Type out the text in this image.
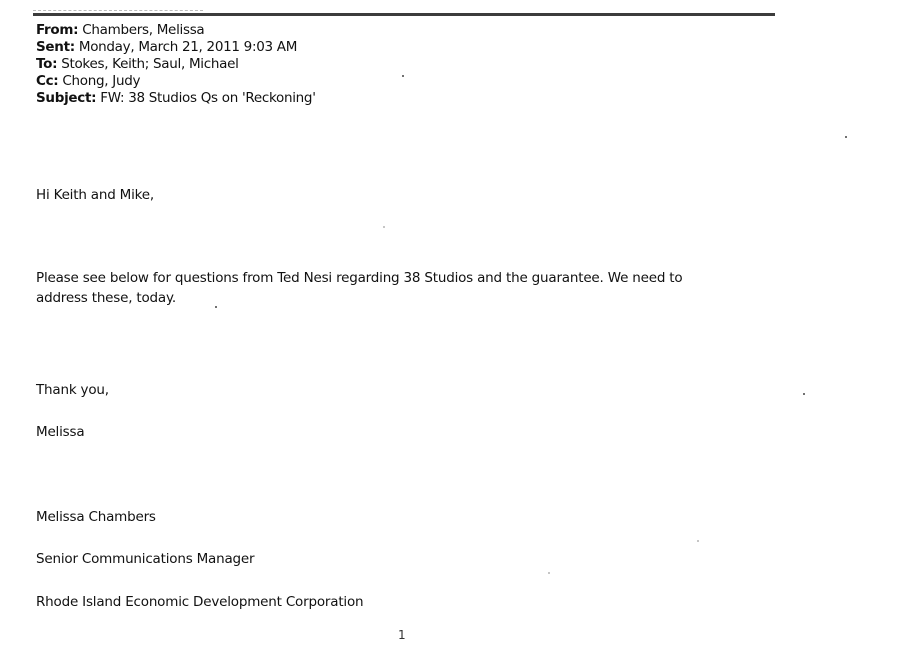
From: Chambers, Melissa
Sent: Monday, March 21, 2011 9:03 AM
To: Stokes, Keith; Saul, Michael
Cc: Chong, Judy
Subject: FW: 38 Studios Qs on 'Reckoning'
Hi Keith and Mike,
Please see below for questions from Ted Nesi regarding 38 Studios and the guarantee. We need to
address these, today.
Thank you,
Melissa
Melissa Chambers
Senior Communications Manager
Rhode Island Economic Development Corporation
1
